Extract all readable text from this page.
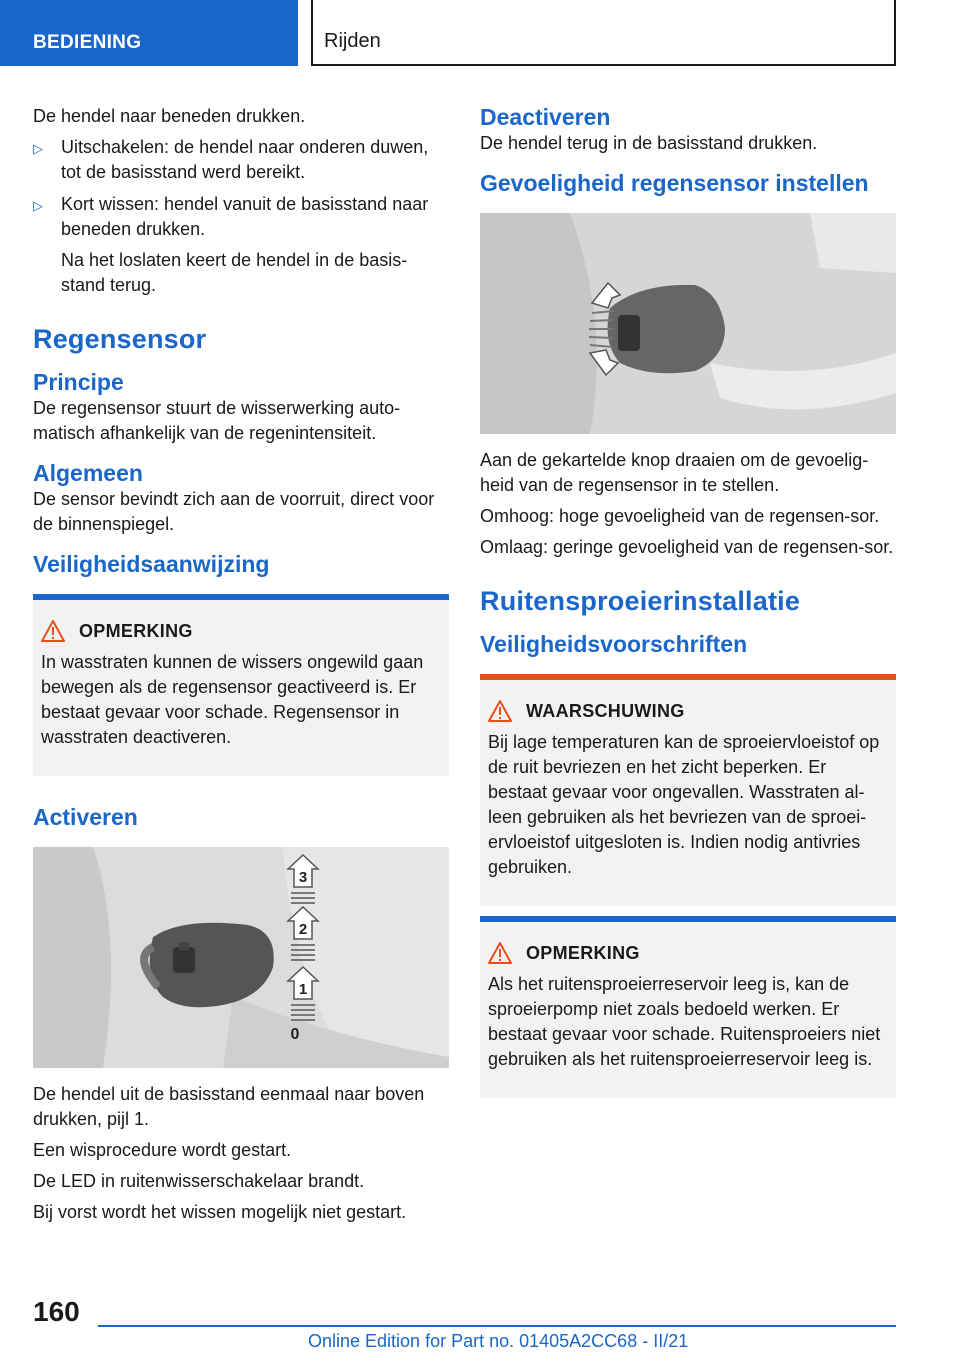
BEDIENING	Rijden

De hendel naar beneden drukken.

▷ Uitschakelen: de hendel naar onderen duwen, tot de basisstand werd bereikt.
▷ Kort wissen: hendel vanuit de basisstand naar beneden drukken.

Na het loslaten keert de hendel in de basis-stand terug.

Regensensor
Principe

De regensensor stuurt de wisserwerking auto-matisch afhankelijk van de regenintensiteit.

Algemeen

De sensor bevindt zich aan de voorruit, direct voor de binnenspiegel.

Veiligheidsaanwijzing
OPMERKING

In wasstraten kunnen de wissers ongewild gaan bewegen als de regensensor geactiveerd is. Er bestaat gevaar voor schade. Regensensor in wasstraten deactiveren.

Activeren
3
2
1
0

De hendel uit de basisstand eenmaal naar boven drukken, pijl 1.

Een wisprocedure wordt gestart.

De LED in ruitenwisserschakelaar brandt.

Bij vorst wordt het wissen mogelijk niet gestart.

Deactiveren

De hendel terug in de basisstand drukken.

Gevoeligheid regensensor instellen

Aan de gekartelde knop draaien om de gevoelig-heid van de regensensor in te stellen.

Omhoog: hoge gevoeligheid van de regensen-sor.

Omlaag: geringe gevoeligheid van de regensen-sor.

Ruitensproeierinstallatie
Veiligheidsvoorschriften
WAARSCHUWING

Bij lage temperaturen kan de sproeiervloeistof op de ruit bevriezen en het zicht beperken. Er bestaat gevaar voor ongevallen. Wasstraten al-leen gebruiken als het bevriezen van de sproei-ervloeistof uitgesloten is. Indien nodig antivries gebruiken.

OPMERKING

Als het ruitensproeierreservoir leeg is, kan de sproeierpomp niet zoals bedoeld werken. Er bestaat gevaar voor schade. Ruitensproeiers niet gebruiken als het ruitensproeierreservoir leeg is.

160
Online Edition for Part no. 01405A2CC68 - II/21
